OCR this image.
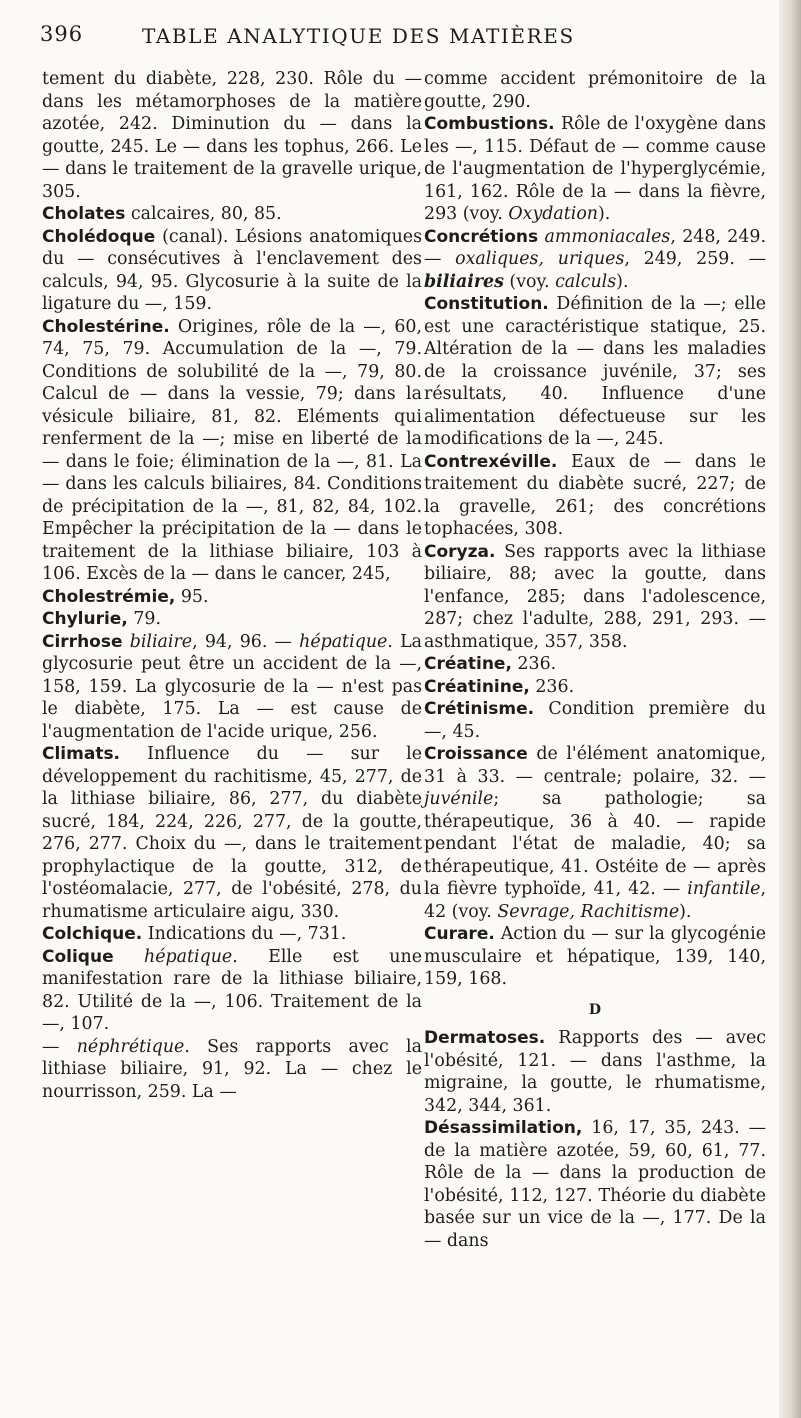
396	TABLE ANALYTIQUE DES MATIÈRES

tement du diabète, 228, 230. Rôle du — dans les métamorphoses de la matière azotée, 242. Diminution du — dans la goutte, 245. Le — dans les tophus, 266. Le — dans le traitement de la gravelle urique, 305.

Cholates calcaires, 80, 85.

Cholédoque (canal). Lésions anatomiques du — consécutives à l'enclavement des calculs, 94, 95. Glycosurie à la suite de la ligature du —, 159.

Cholestérine. Origines, rôle de la —, 60, 74, 75, 79. Accumulation de la —, 79. Conditions de solubilité de la —, 79, 80. Calcul de — dans la vessie, 79; dans la vésicule biliaire, 81, 82. Eléments qui renferment de la —; mise en liberté de la — dans le foie; élimination de la —, 81. La — dans les calculs biliaires, 84. Conditions de précipitation de la —, 81, 82, 84, 102. Empêcher la précipitation de la — dans le traitement de la lithiase biliaire, 103 à 106. Excès de la — dans le cancer, 245,

Cholestrémie, 95.

Chylurie, 79.

Cirrhose biliaire, 94, 96. — hépatique. La glycosurie peut être un accident de la —, 158, 159. La glycosurie de la — n'est pas le diabète, 175. La — est cause de l'augmentation de l'acide urique, 256.

Climats. Influence du — sur le développement du rachitisme, 45, 277, de la lithiase biliaire, 86, 277, du diabète sucré, 184, 224, 226, 277, de la goutte, 276, 277. Choix du —, dans le traitement prophylactique de la goutte, 312, de l'ostéomalacie, 277, de l'obésité, 278, du rhumatisme articulaire aigu, 330.

Colchique. Indications du —, 731.

Colique hépatique. Elle est une manifestation rare de la lithiase biliaire, 82. Utilité de la —, 106. Traitement de la —, 107.

— néphrétique. Ses rapports avec la lithiase biliaire, 91, 92. La — chez le nourrisson, 259. La —

comme accident prémonitoire de la goutte, 290.

Combustions. Rôle de l'oxygène dans les —, 115. Défaut de — comme cause de l'augmentation de l'hyperglycémie, 161, 162. Rôle de la — dans la fièvre, 293 (voy. Oxydation).

Concrétions ammoniacales, 248, 249. — oxaliques, uriques, 249, 259. — biliaires (voy. calculs).

Constitution. Définition de la —; elle est une caractéristique statique, 25. Altération de la — dans les maladies de la croissance juvénile, 37; ses résultats, 40. Influence d'une alimentation défectueuse sur les modifications de la —, 245.

Contrexéville. Eaux de — dans le traitement du diabète sucré, 227; de la gravelle, 261; des concrétions tophacées, 308.

Coryza. Ses rapports avec la lithiase biliaire, 88; avec la goutte, dans l'enfance, 285; dans l'adolescence, 287; chez l'adulte, 288, 291, 293. — asthmatique, 357, 358.

Créatine, 236.

Créatinine, 236.

Crétinisme. Condition première du —, 45.

Croissance de l'élément anatomique, 31 à 33. — centrale; polaire, 32. — juvénile; sa pathologie; sa thérapeutique, 36 à 40. — rapide pendant l'état de maladie, 40; sa thérapeutique, 41. Ostéite de — après la fièvre typhoïde, 41, 42. — infantile, 42 (voy. Sevrage, Rachitisme).

Curare. Action du — sur la glycogénie musculaire et hépatique, 139, 140, 159, 168.

D

Dermatoses. Rapports des — avec l'obésité, 121. — dans l'asthme, la migraine, la goutte, le rhumatisme, 342, 344, 361.

Désassimilation, 16, 17, 35, 243. — de la matière azotée, 59, 60, 61, 77. Rôle de la — dans la production de l'obésité, 112, 127. Théorie du diabète basée sur un vice de la —, 177. De la — dans
